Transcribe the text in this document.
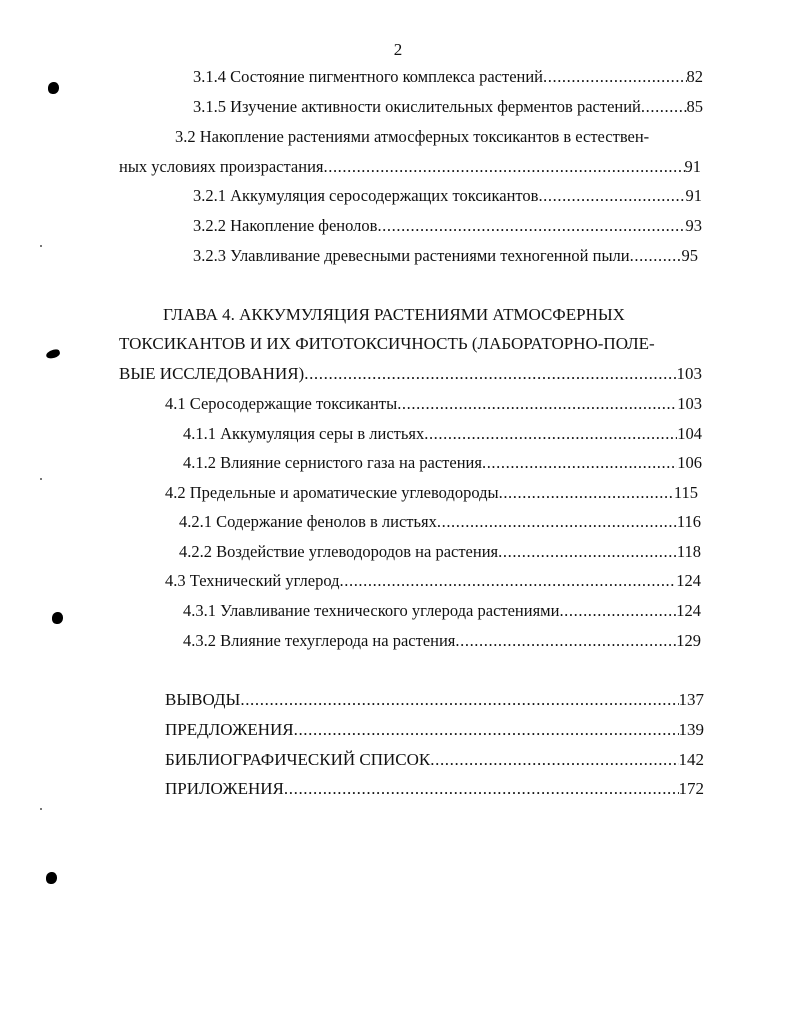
2
3.1.4 Состояние пигментного комплекса растений .....	82
3.1.5 Изучение активности окислительных ферментов растений .....	85
3.2 Накопление растениями атмосферных токсикантов в естествен-
ных условиях произрастания .....	91
3.2.1 Аккумуляция серосодержащих токсикантов .....	91
3.2.2 Накопление фенолов .....	93
3.2.3 Улавливание древесными растениями техногенной пыли .....	95
ГЛАВА 4. АККУМУЛЯЦИЯ РАСТЕНИЯМИ АТМОСФЕРНЫХ
ТОКСИКАНТОВ И ИХ ФИТОТОКСИЧНОСТЬ (ЛАБОРАТОРНО-ПОЛЕ-
ВЫЕ ИССЛЕДОВАНИЯ) .....	103
4.1 Серосодержащие токсиканты .....	103
4.1.1 Аккумуляция серы в листьях .....	104
4.1.2 Влияние сернистого газа на растения .....	106
4.2 Предельные и ароматические углеводороды .....	115
4.2.1 Содержание фенолов в листьях .....	116
4.2.2 Воздействие углеводородов на растения .....	118
4.3 Технический углерод .....	124
4.3.1 Улавливание технического углерода растениями .....	124
4.3.2 Влияние техуглерода на растения .....	129
ВЫВОДЫ .....	137
ПРЕДЛОЖЕНИЯ .....	139
БИБЛИОГРАФИЧЕСКИЙ СПИСОК .....	142
ПРИЛОЖЕНИЯ .....	172
